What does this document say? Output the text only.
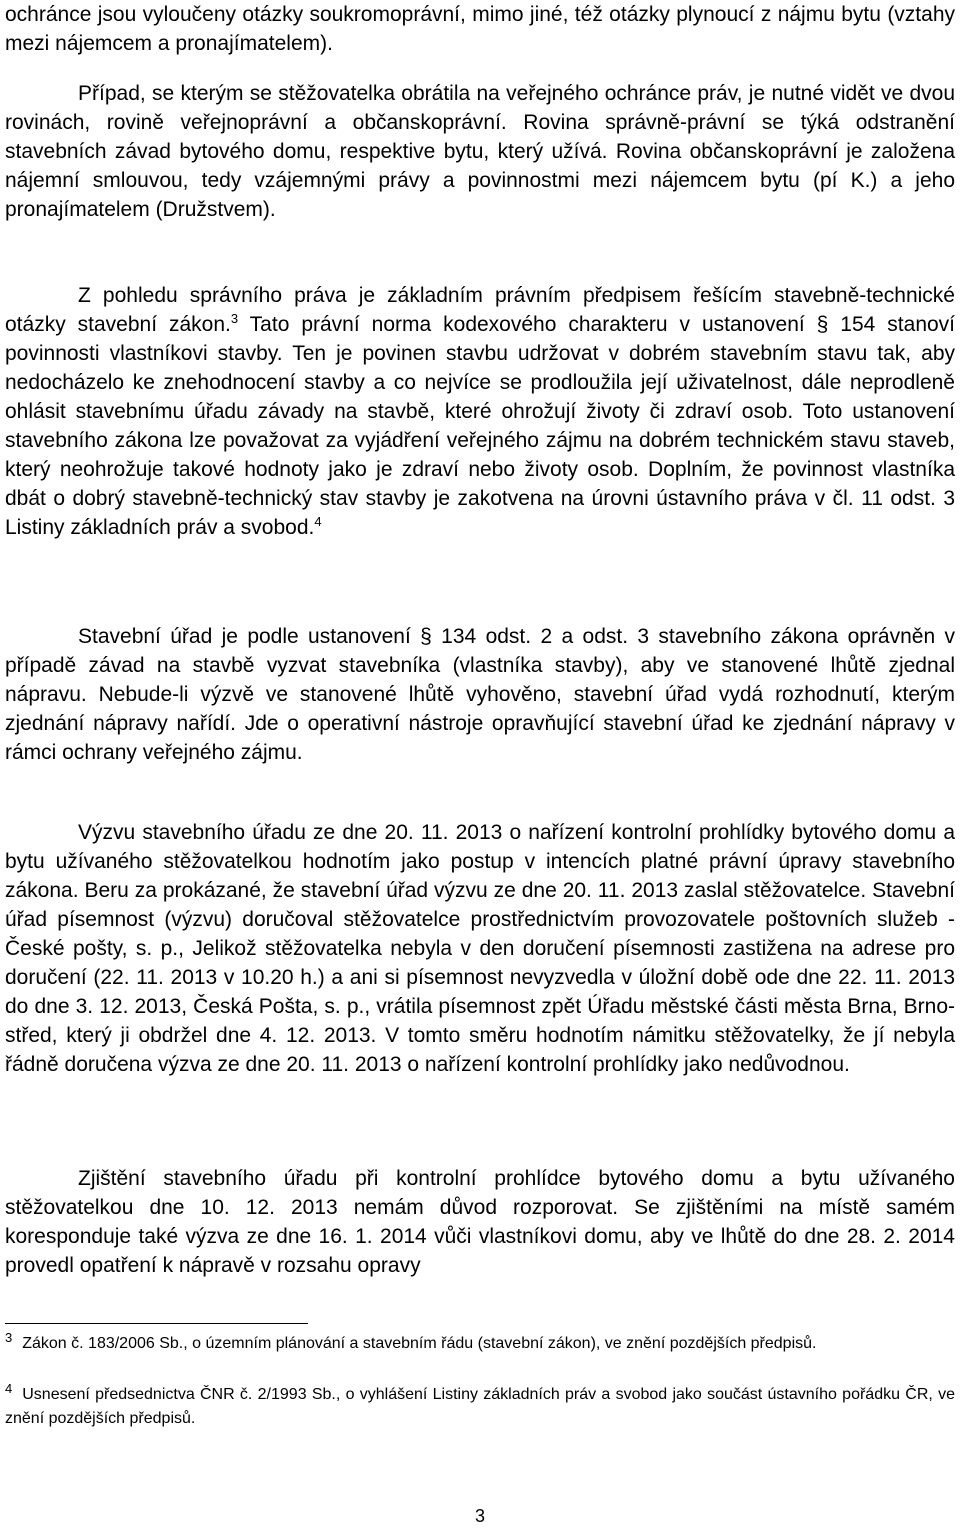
ochránce jsou vyloučeny otázky soukromoprávní, mimo jiné, též otázky plynoucí z nájmu bytu (vztahy mezi nájemcem a pronajímatelem).

Případ, se kterým se stěžovatelka obrátila na veřejného ochránce práv, je nutné vidět ve dvou rovinách, rovině veřejnoprávní a občanskoprávní. Rovina správně-právní se týká odstranění stavebních závad bytového domu, respektive bytu, který užívá. Rovina občanskoprávní je založena nájemní smlouvou, tedy vzájemnými právy a povinnostmi mezi nájemcem bytu (pí K.) a jeho pronajímatelem (Družstvem).

Z pohledu správního práva je základním právním předpisem řešícím stavebně-technické otázky stavební zákon.$^3$ Tato právní norma kodexového charakteru v ustanovení § 154 stanoví povinnosti vlastníkovi stavby. Ten je povinen stavbu udržovat v dobrém stavebním stavu tak, aby nedocházelo ke znehodnocení stavby a co nejvíce se prodloužila její uživatelnost, dále neprodleně ohlásit stavebnímu úřadu závady na stavbě, které ohrožují životy či zdraví osob. Toto ustanovení stavebního zákona lze považovat za vyjádření veřejného zájmu na dobrém technickém stavu staveb, který neohrožuje takové hodnoty jako je zdraví nebo životy osob. Doplním, že povinnost vlastníka dbát o dobrý stavebně-technický stav stavby je zakotvena na úrovni ústavního práva v čl. 11 odst. 3 Listiny základních práv a svobod.$^4$

Stavební úřad je podle ustanovení § 134 odst. 2 a odst. 3 stavebního zákona oprávněn v případě závad na stavbě vyzvat stavebníka (vlastníka stavby), aby ve stanovené lhůtě zjednal nápravu. Nebude-li výzvě ve stanovené lhůtě vyhověno, stavební úřad vydá rozhodnutí, kterým zjednání nápravy nařídí. Jde o operativní nástroje opravňující stavební úřad ke zjednání nápravy v rámci ochrany veřejného zájmu.

Výzvu stavebního úřadu ze dne 20. 11. 2013 o nařízení kontrolní prohlídky bytového domu a bytu užívaného stěžovatelkou hodnotím jako postup v intencích platné právní úpravy stavebního zákona. Beru za prokázané, že stavební úřad výzvu ze dne 20. 11. 2013 zaslal stěžovatelce. Stavební úřad písemnost (výzvu) doručoval stěžovatelce prostřednictvím provozovatele poštovních služeb - České pošty, s. p., Jelikož stěžovatelka nebyla v den doručení písemnosti zastižena na adrese pro doručení (22. 11. 2013 v 10.20 h.) a ani si písemnost nevyzvedla v úložní době ode dne 22. 11. 2013 do dne 3. 12. 2013, Česká Pošta, s. p., vrátila písemnost zpět Úřadu městské části města Brna, Brno-střed, který ji obdržel dne 4. 12. 2013. V tomto směru hodnotím námitku stěžovatelky, že jí nebyla řádně doručena výzva ze dne 20. 11. 2013 o nařízení kontrolní prohlídky jako nedůvodnou.

Zjištění stavebního úřadu při kontrolní prohlídce bytového domu a bytu užívaného stěžovatelkou dne 10. 12. 2013 nemám důvod rozporovat. Se zjištěními na místě samém koresponduje také výzva ze dne 16. 1. 2014 vůči vlastníkovi domu, aby ve lhůtě do dne 28. 2. 2014 provedl opatření k nápravě v rozsahu opravy

$^3$ Zákon č. 183/2006 Sb., o územním plánování a stavebním řádu (stavební zákon), ve znění pozdějších předpisů.

$^4$ Usnesení předsednictva ČNR č. 2/1993 Sb., o vyhlášení Listiny základních práv a svobod jako součást ústavního pořádku ČR, ve znění pozdějších předpisů.

3
